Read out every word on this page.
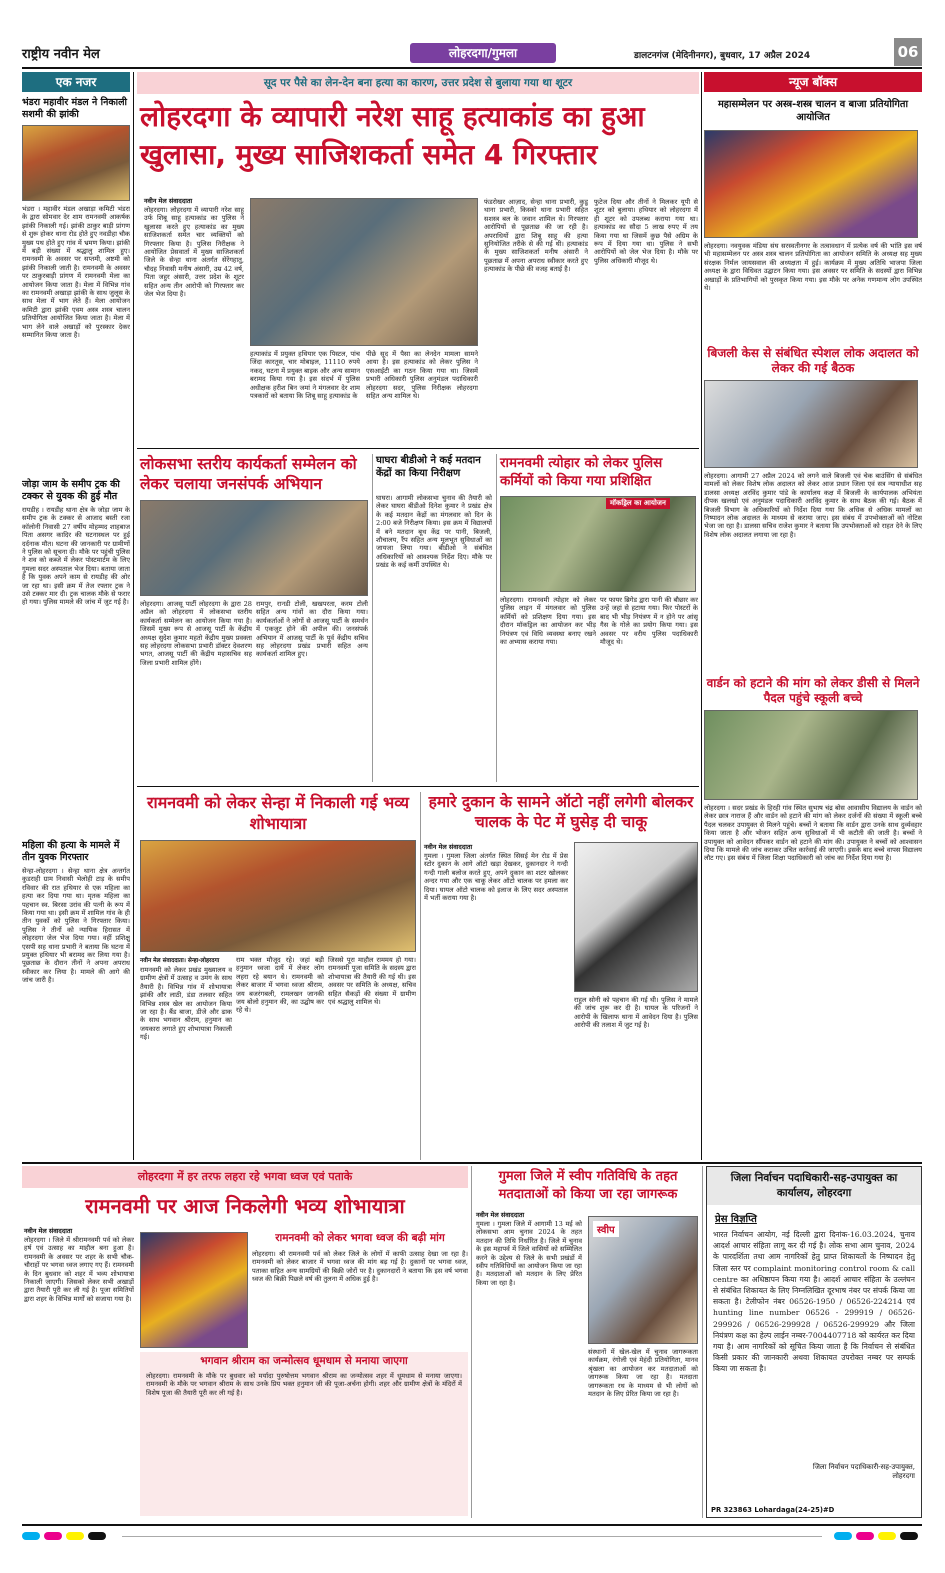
राष्ट्रीय नवीन मेल	लोहरदगा/गुमला	डालटनगंज (मेदिनीनगर), बुधवार, 17 अप्रैल 2024	06
एक नजर
भंडरा महावीर मंडल ने निकाली सशमी की झांकी
भंडरा । महावीर मंडल अखाड़ा कमिटी भंडरा के द्वारा सोमवार देर शाम रामनवमी आकर्षक झांकी निकाली गई। झांकी ठाकुर बाड़ी प्रांगण से शुरू होकर थाना रोड होते हुए नवडीहा चौक मुख्य पथ होते हुए गांव में भ्रमण किया। झांकी में बड़ी संख्या में श्रद्धालु शामिल हुए। रामनवमी के अवसर पर सप्तमी, अष्टमी को झांकी निकाली जाती है। रामनवमी के अवसर पर ठाकुरबाड़ी प्रांगण में रामनवमी मेला का आयोजन किया जाता है। मेला में विभिन्न गांव का रामनवमी अखाड़ा झांकी के साथ जुलूस के साथ मेला में भाग लेते हैं। मेला आयोजन कमिटी द्वारा झांकी एवम अस्त्र शस्त्र चालन प्रतियोगिता आयोजित किया जाता है। मेला में भाग लेने वाले अखाड़ों को पुरस्कार देकर सम्मानित किया जाता है।
जोड़ा जाम के समीप ट्रक की टक्कर से युवक की हुई मौत
रायडीह । रायडीह थाना क्षेत्र के जोड़ा जाम के समीप ट्रक के टक्कर से आजाद बस्ती रजा कॉलोनी निवासी 27 वर्षीय मोहम्मद शाहबाज पिता असगर कादिर की घटनास्थल पर हुई दर्दनाक मौत। घटना की जानकारी पर ग्रामीणों ने पुलिस को सूचना दी। मौके पर पहुंची पुलिस ने शव को कब्जे में लेकर पोस्टमार्टम के लिए गुमला सदर अस्पताल भेज दिया। बताया जाता है कि युवक अपने काम से रायडीह की ओर जा रहा था। इसी क्रम में तेज रफ्तार ट्रक ने उसे टक्कर मार दी। ट्रक चालक मौके से फरार हो गया। पुलिस मामले की जांच में जुट गई है।
महिला की हत्या के मामले में तीन युवक गिरफ्तार
सेन्हा-लोहरदगा । सेन्हा थाना क्षेत्र अन्तर्गत कुडराही ग्राम निवासी भेलोही टाड़ के समीप रविवार की रात हथियार से एक महिला का हत्या कर दिया गया था। मृतक महिला का पहचान स्व. बिरसा उरांव की पत्नी के रूप में किया गया था। इसी क्रम में शामिल गांव के ही तीन युवकों को पुलिस ने गिरफ्तार किया। पुलिस ने तीनों को न्यायिक हिरासत में लोहरदगा जेल भेज दिया गया। वहीं प्रशिक्षु एसपी सह थाना प्रभारी ने बताया कि घटना में प्रयुक्त हथियार भी बरामद कर लिया गया है। पूछताछ के दौरान तीनों ने अपना अपराध स्वीकार कर लिया है। मामले की आगे की जांच जारी है।
सूद पर पैसे का लेन-देन बना हत्या का कारण, उत्तर प्रदेश से बुलाया गया था शूटर
लोहरदगा के व्यापारी नरेश साहू हत्याकांड का हुआ खुलासा, मुख्य साजिशकर्ता समेत 4 गिरफ्तार
नवीन मेल संवाददाता
लोहरदगा। लोहरदगा में व्यापारी नरेश साहू उर्फ शिबू साहू हत्याकांड का पुलिस ने खुलासा करते हुए हत्याकांड का मुख्य साजिशकर्ता समेत चार व्यक्तियों को गिरफ्तार किया है। पुलिस निरीक्षक ने आयोजित प्रेसवार्ता में मुख्य साजिशकर्ता जिले के सेन्हा थाना अंतर्गत सेरेंगहातु, चौदह निवासी मनीष अंसारी, उम्र 42 वर्ष, पिता जहुर अंसारी, उत्तर प्रदेश के शूटर सहित अन्य तीन आरोपी को गिरफ्तार कर जेल भेज दिया है।
हत्याकांड में प्रयुक्त हथियार एक पिस्टल, पांच जिंदा कारतूस, चार मोबाइल, 11110 रुपये नकद, घटना में प्रयुक्त बाइक और अन्य सामान बरामद किया गया है। इस संदर्भ में पुलिस अधीक्षक हरीश बिन जमां ने मंगलवार देर शाम पत्रकारों को बताया कि शिबू साहू हत्याकांड के
पीछे सूद में पैसा का लेनदेन मामला सामने आया है। इस हत्याकांड को लेकर पुलिस ने एसआईटी का गठन किया गया था। जिसमें प्रभारी अधिकारी पुलिस अनुमंडल पदाधिकारी लोहरदगा सदर, पुलिस निरीक्षक लोहरदगा सहित अन्य शामिल थे।
फंडरोखर आज़ाद, सेन्हा थाना प्रभारी, कुडू थाना प्रभारी, किस्को थाना प्रभारी सहित सशस्त्र बल के जवान शामिल थे। गिरफ्तार आरोपियों से पूछताछ की जा रही है। अपराधियों द्वारा शिबू साहू की हत्या सुनियोजित तरीके से की गई थी। हत्याकांड के मुख्य साजिशकर्ता मनीष अंसारी ने पूछताछ में अपना अपराध स्वीकार करते हुए हत्याकांड के पीछे की वजह बताई है।
फुटेज दिया और तीनों ने मिलकर यूपी से शूटर को बुलाया। हथियार को लोहरदगा में ही शूटर को उपलब्ध कराया गया था। हत्याकांड का सौदा 5 लाख रुपए में तय किया गया था जिसमें कुछ पैसे अग्रिम के रूप में दिया गया था। पुलिस ने सभी आरोपियों को जेल भेज दिया है। मौके पर पुलिस अधिकारी मौजूद थे।
न्यूज बॉक्स
महासम्मेलन पर अस्त्र-शस्त्र चालन व बाजा प्रतियोगिता आयोजित
लोहरदगा। नवयुवक मंडिया संघ सरस्वतीनगर के तत्वावधान में प्रत्येक वर्ष की भांति इस वर्ष भी महासम्मेलन पर अस्त्र शस्त्र चालन प्रतियोगिता का आयोजन समिति के अध्यक्ष सह मुख्य संरक्षक निर्मल जायसवाल की अध्यक्षता में हुई। कार्यक्रम में मुख्य अतिथि भाजपा जिला अध्यक्ष के द्वारा विधिवत उद्घाटन किया गया। इस अवसर पर समिति के सदस्यों द्वारा विभिन्न अखाड़ों के प्रतिभागियों को पुरस्कृत किया गया। इस मौके पर अनेक गणमान्य लोग उपस्थित थे।
बिजली केस से संबंधित स्पेशल लोक अदालत को लेकर की गई बैठक
लोहरदगा। आगामी 27 अप्रैल 2024 को लगने वाले बिजली एवं चेक बाउंसिंग से संबंधित मामलों को लेकर विशेष लोक अदालत को लेकर आज प्रधान जिला एवं सत्र न्यायाधीश सह डालसा अध्यक्ष अरविंद कुमार पांडे के कार्यालय कक्ष में बिजली के कार्यपालक अभियंता दीपक खलखो एवं अनुमंडल पदाधिकारी अरविंद कुमार के साथ बैठक की गई। बैठक में बिजली विभाग के अधिकारियों को निर्देश दिया गया कि अधिक से अधिक मामलों का निष्पादन लोक अदालत के माध्यम से कराया जाए। इस संबंध में उपभोक्ताओं को नोटिस भेजा जा रहा है। डालसा सचिव राजेश कुमार ने बताया कि उपभोक्ताओं को राहत देने के लिए विशेष लोक अदालत लगाया जा रहा है।
वार्डन को हटाने की मांग को लेकर डीसी से मिलने पैदल पहुंचे स्कूली बच्चे
लोहरदगा । सदर प्रखंड के हिरही गांव स्थित सुभाष चंद्र बोस आवासीय विद्यालय के वार्डन को लेकर छात्र नाराज हैं और वार्डन को हटाने की मांग को लेकर दर्जनों की संख्या में स्कूली बच्चे पैदल चलकर उपायुक्त से मिलने पहुंचे। बच्चों ने बताया कि वार्डन द्वारा उनके साथ दुर्व्यवहार किया जाता है और भोजन सहित अन्य सुविधाओं में भी कटौती की जाती है। बच्चों ने उपायुक्त को आवेदन सौंपकर वार्डन को हटाने की मांग की। उपायुक्त ने बच्चों को आश्वासन दिया कि मामले की जांच कराकर उचित कार्रवाई की जाएगी। इसके बाद बच्चे वापस विद्यालय लौट गए। इस संबंध में जिला शिक्षा पदाधिकारी को जांच का निर्देश दिया गया है।
लोकसभा स्तरीय कार्यकर्ता सम्मेलन को लेकर चलाया जनसंपर्क अभियान
लोहरदगा। आजसू पार्टी लोहरदगा के द्वारा 28 अप्रैल को लोहरदगा में लोकसभा स्तरीय कार्यकर्ता सम्मेलन का आयोजन किया गया है। जिसमें मुख्य रूप से आजसू पार्टी के केंद्रीय अध्यक्ष सुदेश कुमार महतो केंद्रीय मुख्य प्रवक्ता सह लोहरदगा लोकसभा प्रभारी डॉक्टर देवशरण भगत, आजसू पार्टी की केंद्रीय महासचिव सह जिला प्रभारी शामिल होंगे।
रामपुर, रानडी टोली, खखपरता, करम टोली सहित अन्य गांवों का दौरा किया गया। कार्यकर्ताओं ने लोगों से आजसू पार्टी के समर्थन में एकजुट होने की अपील की। जनसंपर्क अभियान में आजसू पार्टी के पूर्व केंद्रीय सचिव सह लोहरदगा प्रखंड प्रभारी सहित अन्य कार्यकर्ता शामिल हुए।
घाघरा बीडीओ ने कई मतदान केंद्रों का किया निरीक्षण
घाघरा। आगामी लोकसभा चुनाव की तैयारी को लेकर घाघरा बीडीओ दिनेश कुमार ने प्रखंड क्षेत्र के कई मतदान केंद्रों का मंगलवार को दिन के 2:00 बजे निरीक्षण किया। इस क्रम में विद्यालयों में बने मतदान बूथ केंद्र पर पानी, बिजली, शौचालय, रैंप सहित अन्य मूलभूत सुविधाओं का जायजा लिया गया। बीडीओ ने संबंधित अधिकारियों को आवश्यक निर्देश दिए। मौके पर प्रखंड के कई कर्मी उपस्थित थे।
रामनवमी त्योहार को लेकर पुलिस कर्मियों को किया गया प्रशिक्षित
मॉकड्रिल का आयोजन
लोहरदगा। रामनवमी त्योहार को लेकर पुलिस लाइन में मंगलवार को पुलिस कर्मियों को प्रशिक्षण दिया गया। इस दौरान मॉकड्रिल का आयोजन कर भीड़ नियंत्रण एवं विधि व्यवस्था बनाए रखने का अभ्यास कराया गया।
पर फायर ब्रिगेड द्वारा पानी की बौछार कर उन्हें जहां से हटाया गया। फिर पोस्टरों के बाद भी भीड़ नियंत्रण में न होने पर आंसू गैस के गोले का प्रयोग किया गया। इस अवसर पर वरीय पुलिस पदाधिकारी मौजूद थे।
रामनवमी को लेकर सेन्हा में निकाली गई भव्य शोभायात्रा
नवीन मेल संवाददाता। सेन्हा-लोहरदगा
रामनवमी को लेकर प्रखंड मुख्यालय व ग्रामीण क्षेत्रों में उत्साह व उमंग के साथ तैयारी है। विभिन्न गांव में शोभायात्रा झांकी और लाठी, डंडा तलवार सहित विभिन्न शस्त्र खेल का आयोजन किया जा रहा है। बैंड बाजा, डीजे और ढाक के साथ भगवान श्रीराम, हनुमान का जयकारा लगाते हुए शोभायात्रा निकाली गई।
राम भक्त मौजूद रहे। जहां बड़ी हनुमान ध्वजा दायें में लेकर लोग लहरा रहे बयान थे। रामनवमी को लेकर बाजार में भगवा ध्वजा श्रीराम, जय बजरंगबली, रामलखन जानकी जय बोलो हनुमान की, का उद्घोष कर रहे थे।
जिससे पूरा माहौल राममय हो गया। रामनवमी पूजा समिति के सदस्य द्वारा शोभायात्रा की तैयारी की गई थी। इस अवसर पर समिति के अध्यक्ष, सचिव सहित सैकड़ों की संख्या में ग्रामीण एवं श्रद्धालु शामिल थे।
हमारे दुकान के सामने ऑटो नहीं लगेगी बोलकर चालक के पेट में घुसेड़ दी चाकू
नवीन मेल संवाददाता
गुमला । गुमला जिला अंतर्गत स्थित सिसई मेन रोड में प्रेस स्टोर दुकान के आगे ऑटो खड़ा देखकर, दुकानदार ने गन्दी गन्दी गाली बलोज करते हुए, अपने दुकान का शटर खोलकर अन्दर गया और एक चाकू लेकर ऑटो चालक पर हमला कर दिया। घायल ऑटो चालक को इलाज के लिए सदर अस्पताल में भर्ती कराया गया है।
राहुल सोनी को पहचान की गई थी। पुलिस ने मामले की जांच शुरू कर दी है। घायल के परिजनों ने आरोपी के खिलाफ थाना में आवेदन दिया है। पुलिस आरोपी की तलाश में जुट गई है।
लोहरदगा में हर तरफ लहरा रहे भगवा ध्वज एवं पताके
रामनवमी पर आज निकलेगी भव्य शोभायात्रा
नवीन मेल संवाददाता
लोहरदगा । जिले में श्रीरामनवमी पर्व को लेकर हर्ष एवं उत्साह का माहौल बना हुआ है। रामनवमी के अवसर पर शहर के सभी चौक-चौराहों पर भगवा ध्वज लगाए गए हैं। रामनवमी के दिन बुधवार को शहर में भव्य शोभायात्रा निकाली जाएगी। जिसको लेकर सभी अखाड़ों द्वारा तैयारी पूरी कर ली गई है। पूजा समितियों द्वारा शहर के विभिन्न मार्गों को सजाया गया है।
रामनवमी को लेकर भगवा ध्वज की बढ़ी मांग
लोहरदगा। श्री रामनवमी पर्व को लेकर जिले के लोगों में काफी उत्साह देखा जा रहा है। रामनवमी को लेकर बाजार में भगवा ध्वज की मांग बढ़ गई है। दुकानों पर भगवा ध्वज, पताका सहित अन्य सामग्रियों की बिक्री जोरों पर है। दुकानदारों ने बताया कि इस वर्ष भगवा ध्वज की बिक्री पिछले वर्ष की तुलना में अधिक हुई है।
भगवान श्रीराम का जन्मोत्सव धूमधाम से मनाया जाएगा
लोहरदगा। रामनवमी के मौके पर बुधवार को मर्यादा पुरुषोत्तम भगवान श्रीराम का जन्मोत्सव शहर में धूमधाम से मनाया जाएगा। रामनवमी के मौके पर भगवान श्रीराम के साथ उनके प्रिय भक्त हनुमान जी की पूजा-अर्चना होगी। शहर और ग्रामीण क्षेत्रों के मंदिरों में विशेष पूजा की तैयारी पूरी कर ली गई है।
गुमला जिले में स्वीप गतिविधि के तहत मतदाताओं को किया जा रहा जागरूक
नवीन मेल संवाददाता
गुमला । गुमला जिले में आगामी 13 मई को लोकसभा आम चुनाव 2024 के तहत मतदान की तिथि निर्धारित है। जिले में चुनाव के इस महापर्व में जिले वासियों को सम्मिलित करने के उद्देश्य से जिले के सभी प्रखंडों में स्वीप गतिविधियों का आयोजन किया जा रहा है। मतदाताओं को मतदान के लिए प्रेरित किया जा रहा है।
स्वीप
संस्थानों में खेल-खेल में चुनाव जागरूकता कार्यक्रम, रंगोली एवं मेहंदी प्रतियोगिता, मानव श्रृंखला का आयोजन कर मतदाताओं को जागरूक किया जा रहा है। मतदाता जागरूकता रथ के माध्यम से भी लोगों को मतदान के लिए प्रेरित किया जा रहा है।
जिला निर्वाचन पदाधिकारी-सह-उपायुक्त का कार्यालय, लोहरदगा
प्रेस विज्ञप्ति
भारत निर्वाचन आयोग, नई दिल्ली द्वारा दिनांक-16.03.2024, चुनाव आदर्श आचार संहिता लागू कर दी गई है। लोक सभा आम चुनाव, 2024 के पारदर्शिता तथा आम नागरिकों हेतु प्राप्त शिकायतों के निष्पादन हेतु जिला स्तर पर complaint monitoring control room & call centre का अधिष्ठापन किया गया है। आदर्श आचार संहिता के उल्लंघन से संबंधित शिकायत के लिए निम्नलिखित दूरभाष नंबर पर संपर्क किया जा सकता है। टेलीफोन नंबर 06526-1950 / 06526-224214 एवं hunting line number 06526 - 299919 / 06526-299926 / 06526-299928 / 06526-299929 और जिला नियंत्रण कक्ष का हेल्प लाईन नम्बर-7004407718 को कार्यरत कर दिया गया है। आम नागरिकों को सूचित किया जाता है कि निर्वाचन से संबंधित किसी प्रकार की जानकारी अथवा शिकायत उपरोक्त नम्बर पर सम्पर्क किया जा सकता है।
जिला निर्वाचन पदाधिकारी-सह-उपायुक्त, लोहरदगा
PR 323863 Lohardaga(24-25)#D
